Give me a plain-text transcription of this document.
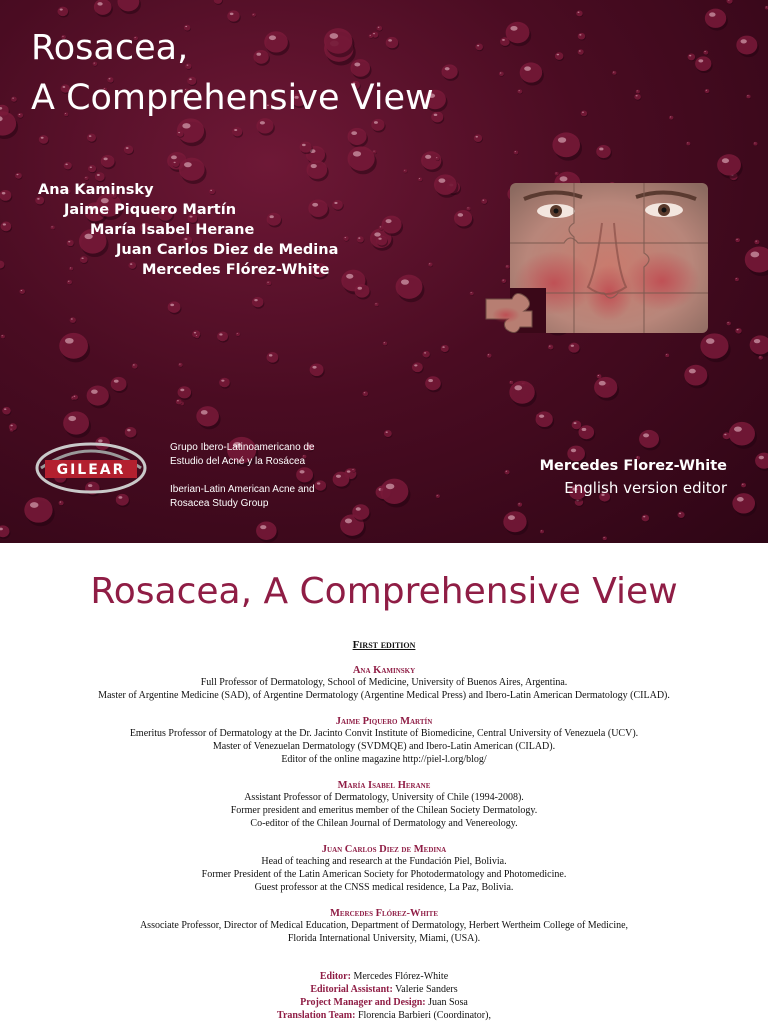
Rosacea,
A Comprehensive View
Ana Kaminsky
Jaime Piquero Martín
María Isabel Herane
Juan Carlos Diez de Medina
Mercedes Flórez-White
GILEAR
Grupo Ibero-Latinoamericano de
Estudio del Acné y la Rosácea
Iberian-Latin American Acne and
Rosacea Study Group
Mercedes Florez-White
English version editor
Rosacea, A Comprehensive View
First edition
Ana Kaminsky
Full Professor of Dermatology, School of Medicine, University of Buenos Aires, Argentina.
Master of Argentine Medicine (SAD), of Argentine Dermatology (Argentine Medical Press) and Ibero-Latin American Dermatology (CILAD).
Jaime Piquero Martín
Emeritus Professor of Dermatology at the Dr. Jacinto Convit Institute of Biomedicine, Central University of Venezuela (UCV).
Master of Venezuelan Dermatology (SVDMQE) and Ibero-Latin American (CILAD).
Editor of the online magazine http://piel-l.org/blog/
María Isabel Herane
Assistant Professor of Dermatology, University of Chile (1994-2008).
Former president and emeritus member of the Chilean Society Dermatology.
Co-editor of the Chilean Journal of Dermatology and Venereology.
Juan Carlos Diez de Medina
Head of teaching and research at the Fundación Piel, Bolivia.
Former President of the Latin American Society for Photodermatology and Photomedicine.
Guest professor at the CNSS medical residence, La Paz, Bolivia.
Mercedes Flórez-White
Associate Professor, Director of Medical Education, Department of Dermatology, Herbert Wertheim College of Medicine,
Florida International University, Miami, (USA).
Editor: Mercedes Flórez-White
Editorial Assistant: Valerie Sanders
Project Manager and Design: Juan Sosa
Translation Team: Florencia Barbieri (Coordinator),
